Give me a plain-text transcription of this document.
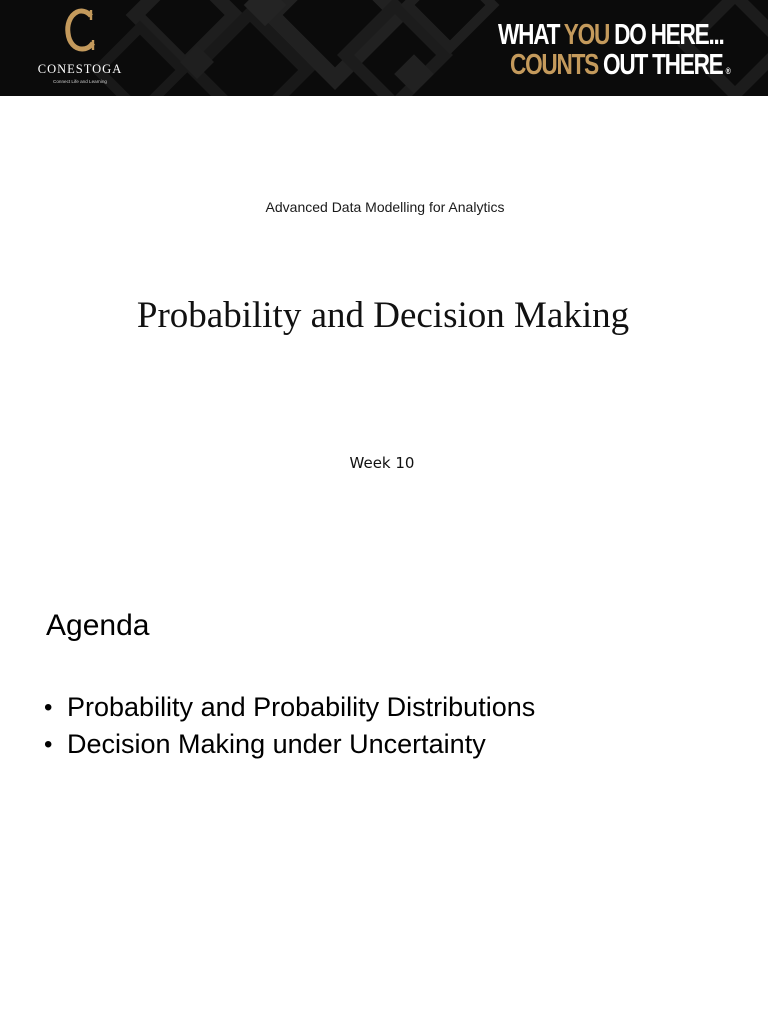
CONESTOGA
Connect Life and Learning
WHAT YOU DO HERE...
COUNTS OUT THERE ®
Advanced Data Modelling for Analytics
Probability and Decision Making
Week 10
Agenda
• Probability and Probability Distributions
• Decision Making under Uncertainty
